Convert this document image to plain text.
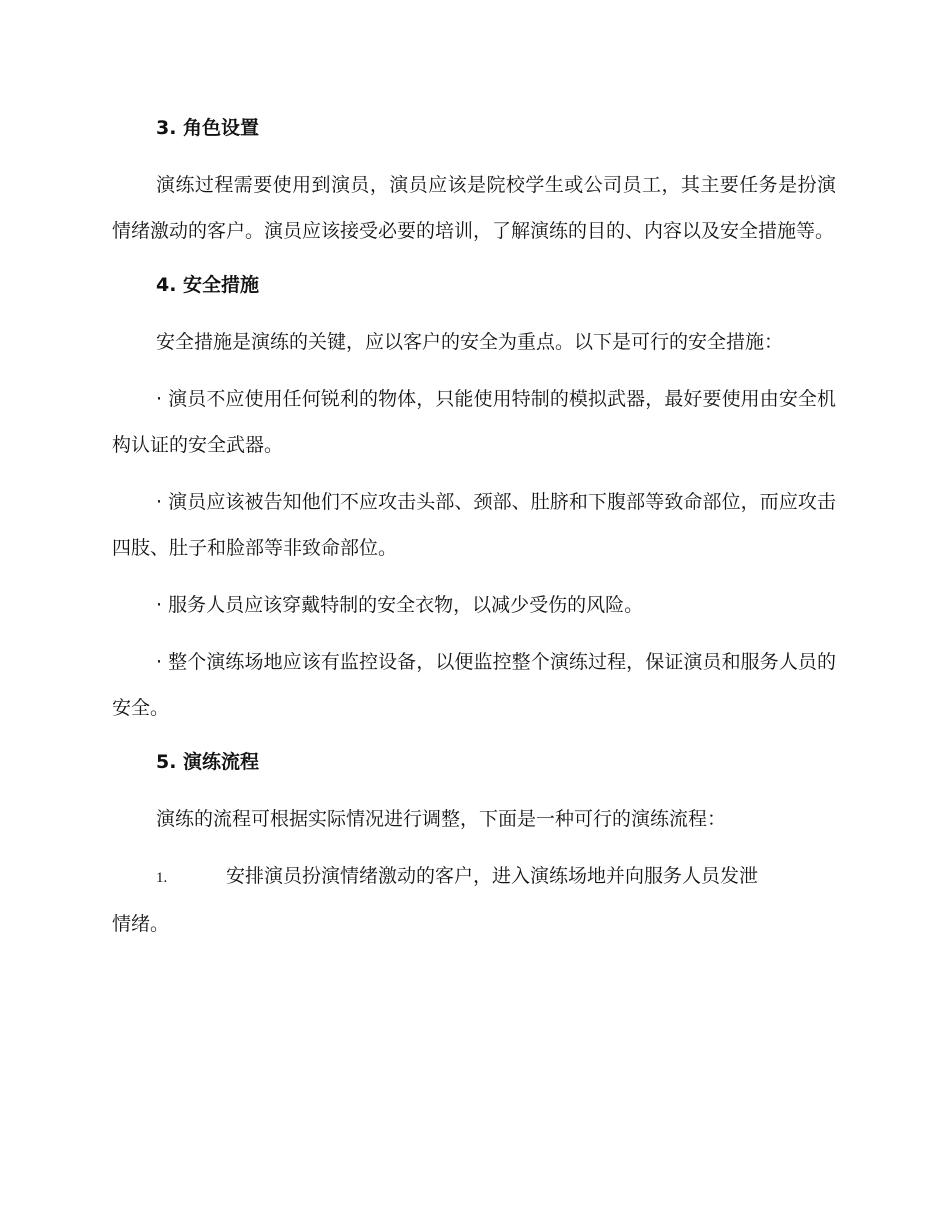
3. 角色设置

演练过程需要使用到演员，演员应该是院校学生或公司员工，其主要任务是扮演情绪激动的客户。演员应该接受必要的培训，了解演练的目的、内容以及安全措施等。

4. 安全措施

安全措施是演练的关键，应以客户的安全为重点。以下是可行的安全措施：

· 演员不应使用任何锐利的物体，只能使用特制的模拟武器，最好要使用由安全机构认证的安全武器。

· 演员应该被告知他们不应攻击头部、颈部、肚脐和下腹部等致命部位，而应攻击四肢、肚子和脸部等非致命部位。

· 服务人员应该穿戴特制的安全衣物，以减少受伤的风险。

· 整个演练场地应该有监控设备，以便监控整个演练过程，保证演员和服务人员的安全。

5. 演练流程

演练的流程可根据实际情况进行调整，下面是一种可行的演练流程：

1.	安排演员扮演情绪激动的客户，进入演练场地并向服务人员发泄
情绪。
